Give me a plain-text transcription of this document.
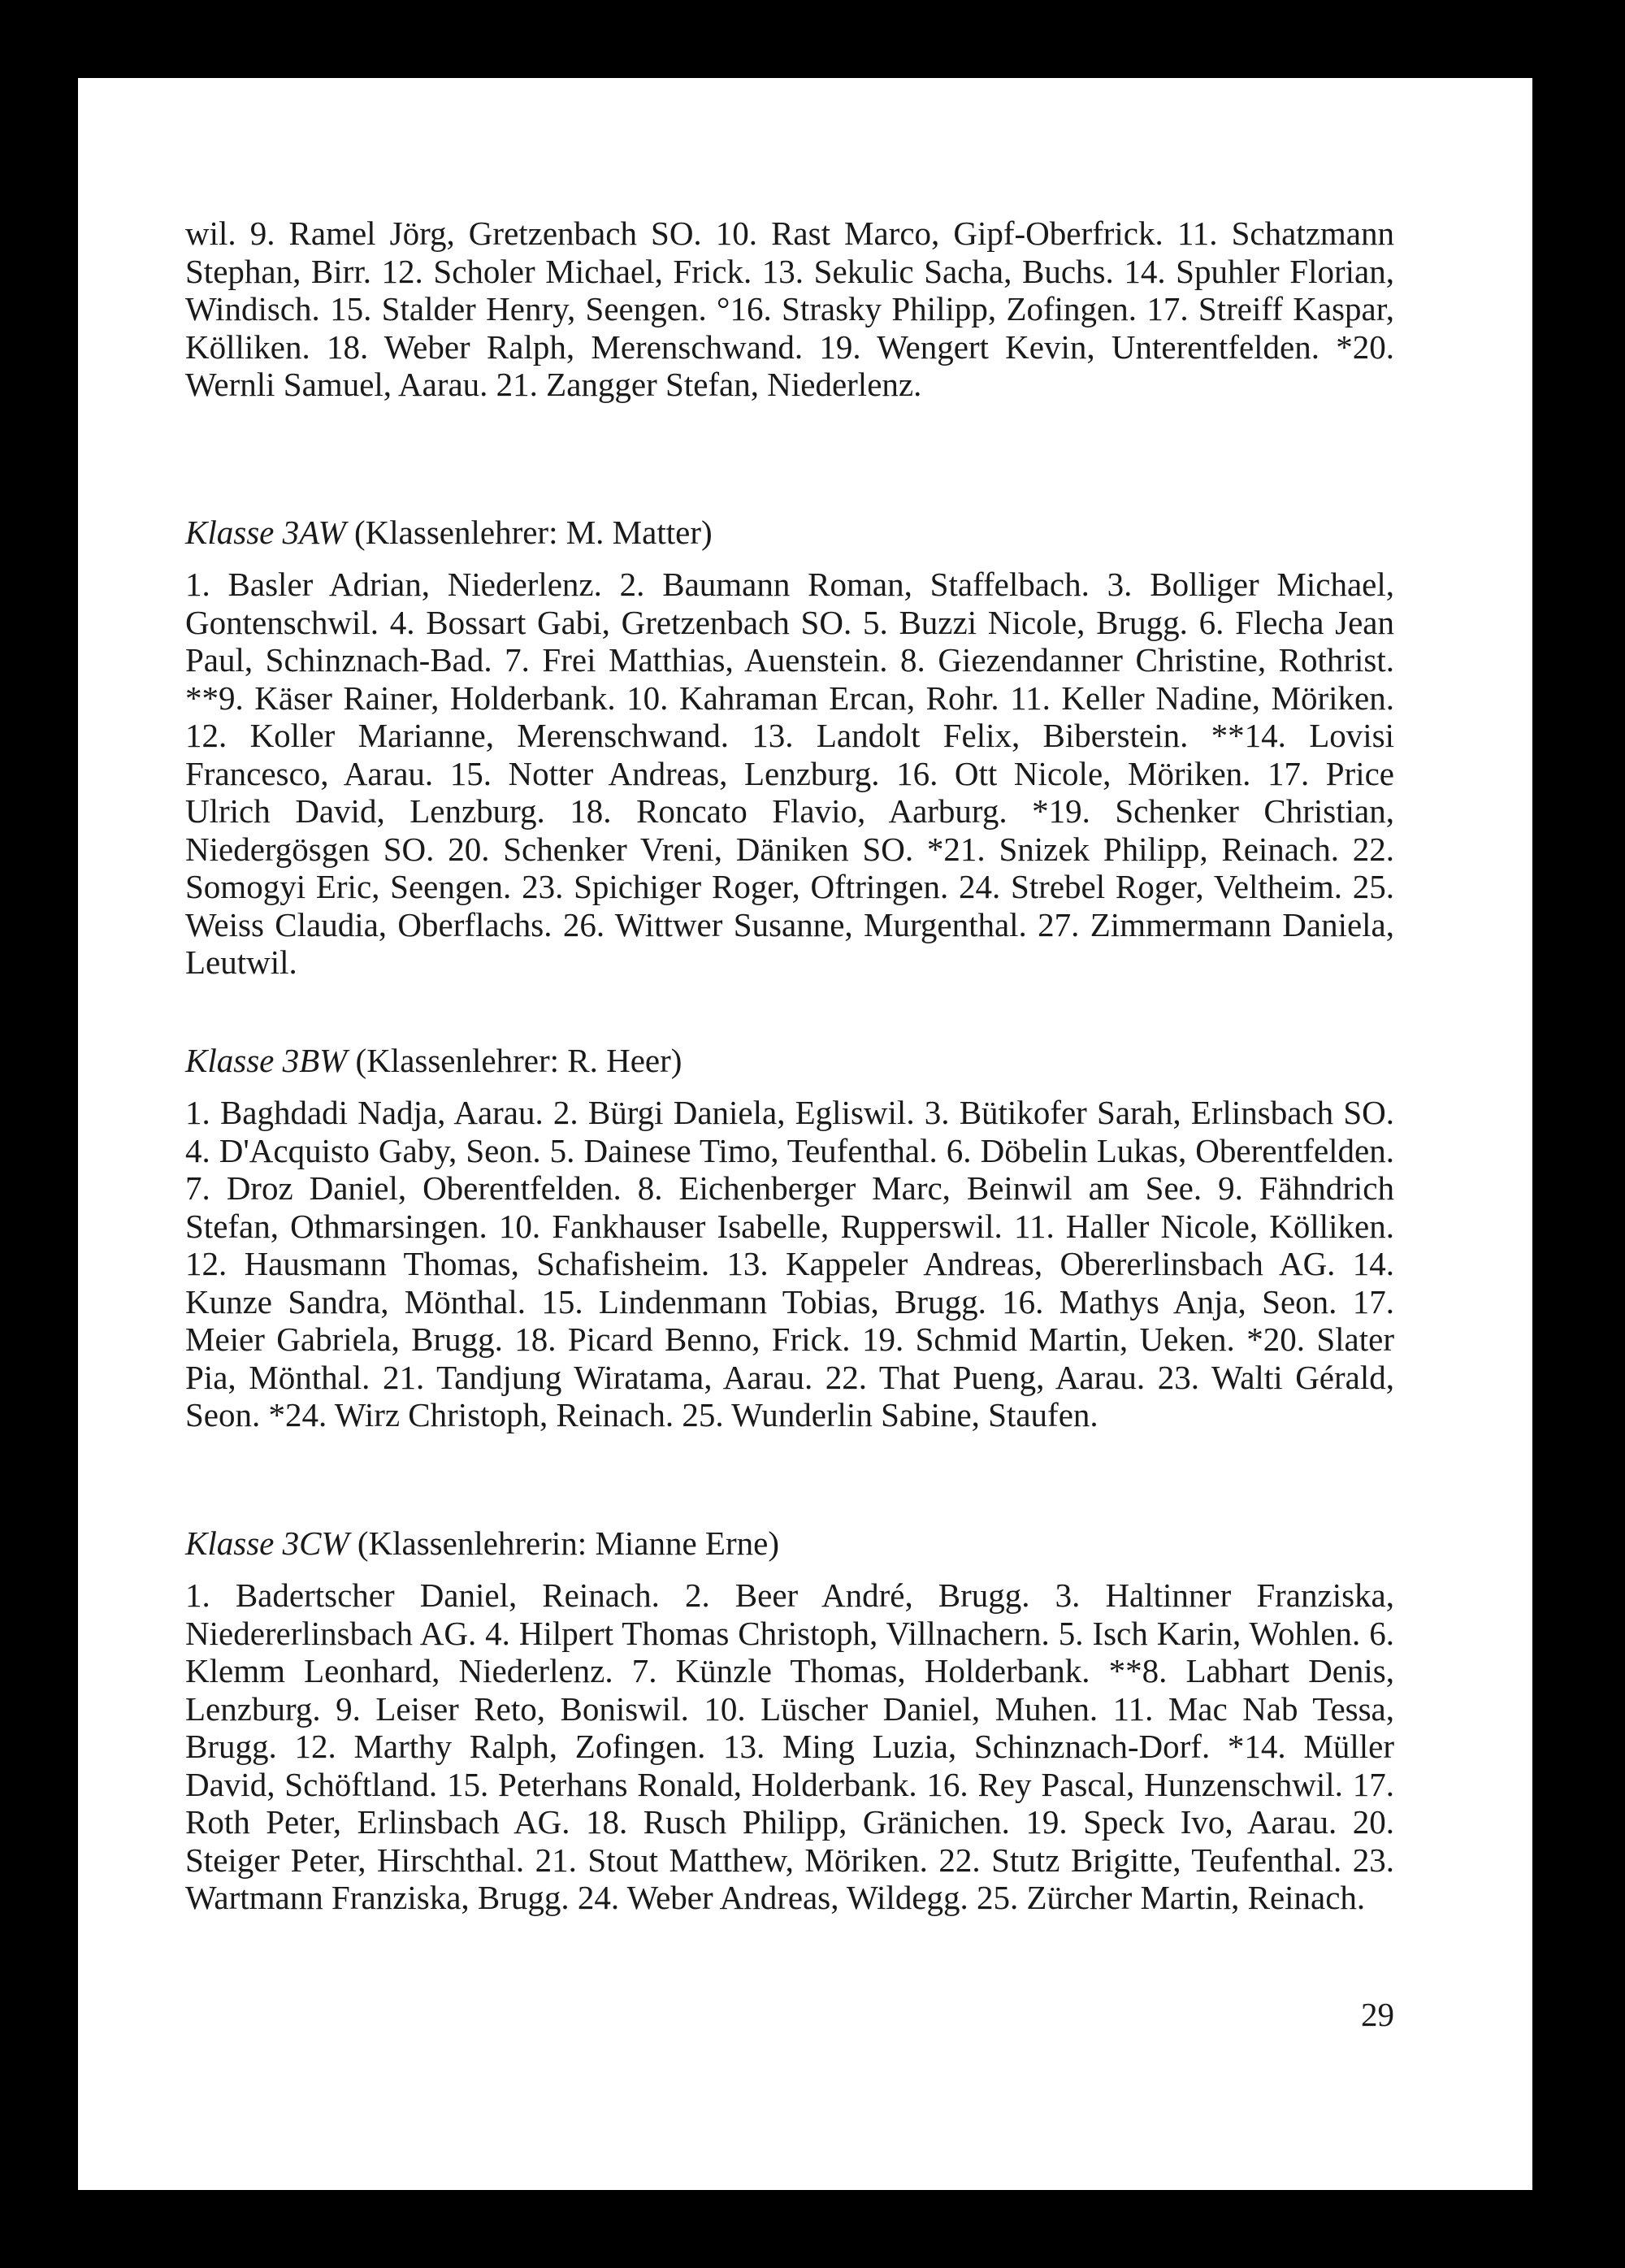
wil. 9. Ramel Jörg, Gretzenbach SO. 10. Rast Marco, Gipf-Oberfrick. 11. Schatzmann Stephan, Birr. 12. Scholer Michael, Frick. 13. Sekulic Sacha, Buchs. 14. Spuhler Florian, Windisch. 15. Stalder Henry, Seengen. °16. Strasky Philipp, Zofingen. 17. Streiff Kaspar, Kölliken. 18. Weber Ralph, Merenschwand. 19. Wengert Kevin, Unterentfelden. *20. Wernli Samuel, Aarau. 21. Zangger Stefan, Niederlenz.

Klasse 3AW (Klassenlehrer: M. Matter)

1. Basler Adrian, Niederlenz. 2. Baumann Roman, Staffelbach. 3. Bolliger Michael, Gontenschwil. 4. Bossart Gabi, Gretzenbach SO. 5. Buzzi Nicole, Brugg. 6. Flecha Jean Paul, Schinznach-Bad. 7. Frei Matthias, Auenstein. 8. Giezendanner Christine, Rothrist. **9. Käser Rainer, Holderbank. 10. Kahraman Ercan, Rohr. 11. Keller Nadine, Möriken. 12. Koller Marianne, Merenschwand. 13. Landolt Felix, Biberstein. **14. Lovisi Francesco, Aarau. 15. Notter Andreas, Lenzburg. 16. Ott Nicole, Möriken. 17. Price Ulrich David, Lenzburg. 18. Roncato Flavio, Aarburg. *19. Schenker Christian, Niedergösgen SO. 20. Schenker Vreni, Däniken SO. *21. Snizek Philipp, Reinach. 22. Somogyi Eric, Seengen. 23. Spichiger Roger, Oftringen. 24. Strebel Roger, Veltheim. 25. Weiss Claudia, Oberflachs. 26. Wittwer Susanne, Murgenthal. 27. Zimmermann Daniela, Leutwil.

Klasse 3BW (Klassenlehrer: R. Heer)

1. Baghdadi Nadja, Aarau. 2. Bürgi Daniela, Egliswil. 3. Bütikofer Sarah, Erlinsbach SO. 4. D'Acquisto Gaby, Seon. 5. Dainese Timo, Teufenthal. 6. Döbelin Lukas, Oberentfelden. 7. Droz Daniel, Oberentfelden. 8. Eichenberger Marc, Beinwil am See. 9. Fähndrich Stefan, Othmarsingen. 10. Fankhauser Isabelle, Rupperswil. 11. Haller Nicole, Kölliken. 12. Hausmann Thomas, Schafisheim. 13. Kappeler Andreas, Obererlinsbach AG. 14. Kunze Sandra, Mönthal. 15. Lindenmann Tobias, Brugg. 16. Mathys Anja, Seon. 17. Meier Gabriela, Brugg. 18. Picard Benno, Frick. 19. Schmid Martin, Ueken. *20. Slater Pia, Mönthal. 21. Tandjung Wiratama, Aarau. 22. That Pueng, Aarau. 23. Walti Gérald, Seon. *24. Wirz Christoph, Reinach. 25. Wunderlin Sabine, Staufen.

Klasse 3CW (Klassenlehrerin: Mianne Erne)

1. Badertscher Daniel, Reinach. 2. Beer André, Brugg. 3. Haltinner Franziska, Niedererlinsbach AG. 4. Hilpert Thomas Christoph, Villnachern. 5. Isch Karin, Wohlen. 6. Klemm Leonhard, Niederlenz. 7. Künzle Thomas, Holderbank. **8. Labhart Denis, Lenzburg. 9. Leiser Reto, Boniswil. 10. Lüscher Daniel, Muhen. 11. Mac Nab Tessa, Brugg. 12. Marthy Ralph, Zofingen. 13. Ming Luzia, Schinznach-Dorf. *14. Müller David, Schöftland. 15. Peterhans Ronald, Holderbank. 16. Rey Pascal, Hunzenschwil. 17. Roth Peter, Erlinsbach AG. 18. Rusch Philipp, Gränichen. 19. Speck Ivo, Aarau. 20. Steiger Peter, Hirschthal. 21. Stout Matthew, Möriken. 22. Stutz Brigitte, Teufenthal. 23. Wartmann Franziska, Brugg. 24. Weber Andreas, Wildegg. 25. Zürcher Martin, Reinach.

29
